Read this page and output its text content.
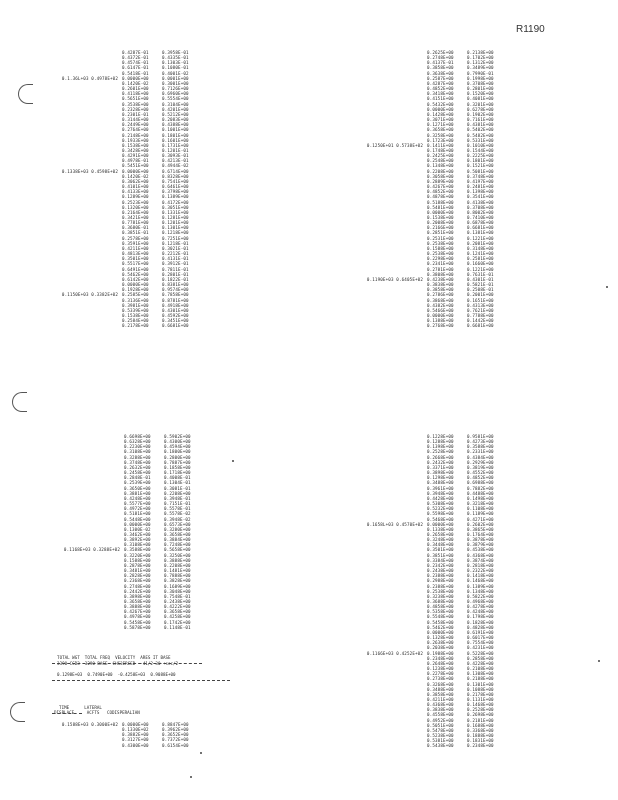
R1190
0.4287E-01	0.3958E-01
0.4372E-01	0.4335E-01
0.4574E-01	0.1303E-01
0.6147E-01	0.1080E-01
0.5418E-01	0.4001E-02
0.1.36L+03 0.4978E+02 0.0000E+00	0.0001E+00
0.1420E-02	0.3001E+00
0.2601E+00	0.7126E+00
0.4118E+00	0.6960E+00
0.5651E+00	0.5554E+00
0.3538E+00	0.3104E+00
0.2328E+00	0.4201E+00
0.2301E-01	0.5212E+00
0.3144E+00	0.2083E+00
0.2449E+00	0.4388E+00
0.2764E+00	0.1001E+00
0.2148E+00	0.1801E+00
0.1933E+00	0.1601E+00
0.1538E+00	0.1731E+00
0.3428E+00	0.1201E-01
0.4291E+00	0.3093E-01
0.4978E-01	0.4213E-01
0.5451E+00	0.4944E-02
0.1338E+03 0.4598E+02 0.0000E+00	0.6714E+00
0.1420E-02	0.8328E+00
0.3062E+00	0.7541E+00
0.4101E+00	0.6461E+00
0.4133E+00	0.3798E+00
0.1289E+00	0.1389E+00
0.2523E+00	0.4172E+00
0.1320E+00	0.3051E+00
0.2164E+00	0.1331E+00
0.3421E+00	0.1281E+00
0.7781E+00	0.1201E+00
0.3680E-01	0.1301E+00
0.3851E-01	0.1218E+00
0.2578E+00	0.7251E+00
0.3591E+00	0.1218E-01
0.4211E+00	0.3021E-01
0.4813E+00	0.2212E-01
0.3501E+00	0.4131E-01
0.5517E+00	0.3912E-01
0.6491E+00	0.7811E-01
0.5462E+00	0.2801E-01
0.6142E+00	0.1822E-01
0.0000E+00	0.8381E+00
0.1928E+00	0.9574E+00
0.1150E+03 0.3382E+02 0.2585E+00	0.7858E+00
0.3136E+00	0.8781E+00
0.3981E+00	0.4918E+00
0.5339E+00	0.4301E+00
0.1538E+00	0.4592E+00
0.2584E+00	0.3451E+00
0.2178E+00	0.6681E+00
0.2625E+00	0.2138E+00
0.2748E+00	0.1702E+00
0.4137E-01	0.1312E+00
0.3858E+00	0.3489E+00
0.3638E+00	0.7990E-01
0.2587E+00	0.1998E+00
0.4287E+00	0.3708E+00
0.4852E+00	0.2801E+00
0.3418E+00	0.1520E+00
0.4151E+00	0.4081E+00
0.5432E+00	0.3201E+00
0.0000E+00	0.6278E+00
0.1428E+00	0.1902E+00
0.3071E+00	0.7161E+00
0.1271E+00	0.4381E+00
0.3658E+00	0.5402E+00
0.3258E+00	0.5482E+00
0.1723E+00	0.5331E+00
0.1250E+01 0.5738E+02 0.1411E+00	0.1010E+00
0.1748E+00	0.1544E+00
0.2425E+00	0.2225E+00
0.2548E+00	0.1801E+00
0.1348E+00	0.1521E+00
0.2208E+00	0.5081E+00
0.3058E+00	0.3748E+00
0.2889E+00	0.4197E+00
0.4267E+00	0.2481E+00
0.4852E+00	0.1398E+00
0.4878E+00	0.3541E+00
0.5188E+00	0.4138E+00
0.5481E+00	0.3708E+00
0.0000E+00	0.8002E+00
0.1538E+00	0.7410E+00
0.2008E+00	0.6878E+00
0.2166E+00	0.6681E+00
0.2851E+00	0.1381E+00
0.2531E+00	0.1221E+00
0.2538E+00	0.2081E+00
0.1588E+00	0.3148E+00
0.2538E+00	0.1241E+00
0.2298E+00	0.2581E+00
0.2341E+00	0.1660E+00
0.2781E+00	0.1221E+00
0.3808E+00	0.7631E-01
0.1190E+03 0.6405E+02 0.4238E+00	0.4301E-01
0.3838E+00	0.5821E-01
0.3858E+00	0.2508E-01
0.2786E+00	0.2001E+00
0.3868E+00	0.1651E+00
0.4382E+00	0.4313E+00
0.5466E+00	0.7621E+00
0.0000E+00	0.7788E+00
0.1388E+00	0.1442E+00
0.2768E+00	0.6681E+00
0.6698E+00	0.5902E+00
0.6328E+00	0.4300E+00
0.2230E+00	0.4594E+00
0.3108E+00	0.1800E+00
0.3288E+00	0.2800E+00
0.3748E+00	0.7887E+00
0.2632E+00	0.1858E+00
0.2458E+00	0.1718E+00
0.2848E-01	0.4008E-01
0.2539E+00	0.1304E-01
0.3650E+00	0.3081E-01
0.3881E+00	0.2208E+00
0.4248E+00	0.3948E-01
0.5577E+00	0.7151E-01
0.4972E+00	0.5578E-01
0.5181E+00	0.5578E-02
0.5448E+00	0.3948E-02
0.0000E+00	0.6573E+00
0.1300E-02	0.3280E+00
0.3462E+00	0.3658E+00
0.3892E+00	0.3884E+00
0.3108E+00	0.7248E+00
0.1168E+03 0.3288E+02 0.3588E+00	0.5658E+00
0.3220E+00	0.3250E+00
0.1588E+00	0.3888E+00
0.2878E+00	0.2208E+00
0.3481E+00	0.1481E+00
0.2828E+00	0.7888E+00
0.2368E+00	0.3828E+00
0.2748E+00	0.1689E+00
0.2442E+00	0.3048E+00
0.3898E+00	0.7548E-01
0.3658E+00	0.2438E+00
0.3888E+00	0.4222E+00
0.4267E+00	0.3658E+00
0.4978E+00	0.4258E+00
0.5458E+00	0.1742E+00
0.5878E+00	0.1148E-01
0.1228E+00	0.9581E+00
0.1288E+00	0.4273E+00
0.1398E+00	0.3588E+00
0.2528E+00	0.2331E+00
0.2668E+00	0.4384E+00
0.2432E+00	0.2929E+00
0.3371E+00	0.3819E+00
0.3898E+00	0.4552E+00
0.1298E+00	0.4852E+00
0.3488E+00	0.6988E+00
0.3961E+00	0.7882E+00
0.3948E+00	0.4488E+00
0.4428E+00	0.1498E+00
0.5308E+00	0.3218E+00
0.5232E+00	0.1108E+00
0.5598E+00	0.1189E+00
0.5468E+00	0.4271E+00
0.1658L+03 0.4570E+02 0.0000E+00	0.2602E+00
0.1338E+00	0.3865E+00
0.2658E+00	0.1764E+00
0.3248E+00	0.3878E+00
0.3448E+00	0.3879E+00
0.3501E+00	0.4538E+00
0.3851E+00	0.4368E+00
0.3384E+00	0.3874E+00
0.2342E+00	0.2818E+00
0.2438E+00	0.2322E+00
0.2388E+00	0.1418E+00
0.2988E+00	0.1468E+00
0.2388E+00	0.1389E+00
0.2538E+00	0.1348E+00
0.3238E+00	0.5822E+00
0.3688E+00	0.4968E+00
0.4858E+00	0.4278E+00
0.5358E+00	0.4248E+00
0.5548E+00	0.1798E+00
0.5458E+00	0.1828E+00
0.5462E+00	0.4828E+00
0.0000E+00	0.6191E+00
0.1328E+00	0.6017E+00
0.2638E+00	0.7554E+00
0.2038E+00	0.4231E+00
0.1166E+03 0.4252E+02 0.1988E+00	0.5228E+00
0.2348E+00	0.2858E+00
0.2648E+00	0.4228E+00
0.1238E+00	0.2108E+00
0.2278E+00	0.1308E+00
0.2738E+00	0.2188E+00
0.3268E+00	0.1301E+00
0.3488E+00	0.1088E+00
0.3858E+00	0.2178E+00
0.4211E+00	0.1131E+00
0.4368E+00	0.1468E+00
0.3838E+00	0.2528E+00
0.4558E+00	0.2698E+00
0.4952E+00	0.2181E+00
0.5051E+00	0.1688E+00
0.5478E+00	0.3368E+00
0.5238E+00	0.1888E+00
0.5381E+00	0.1831E+00
0.5438E+00	0.2348E+00
0.1588E+03 0.3000E+02 0.0000E+00	0.8847E+00
0.1330E+02	0.3962E+00
0.3882E+00	0.3652E+00
0.3127E+00	0.7372E+00
0.4300E+00	0.6154E+00

TOTAL WGT TOTAL FREQ VELOCITY ARES IT BASE

3390 CCD3 3290 BASE CHS3IRCED -41/2 30 +sec/2

0.1298E+03 0.7490E+00 -0.4258E+03 0.9088E+00

TIME	LATERAL
DISPLACE	ACFTS CODISPERALIAN
